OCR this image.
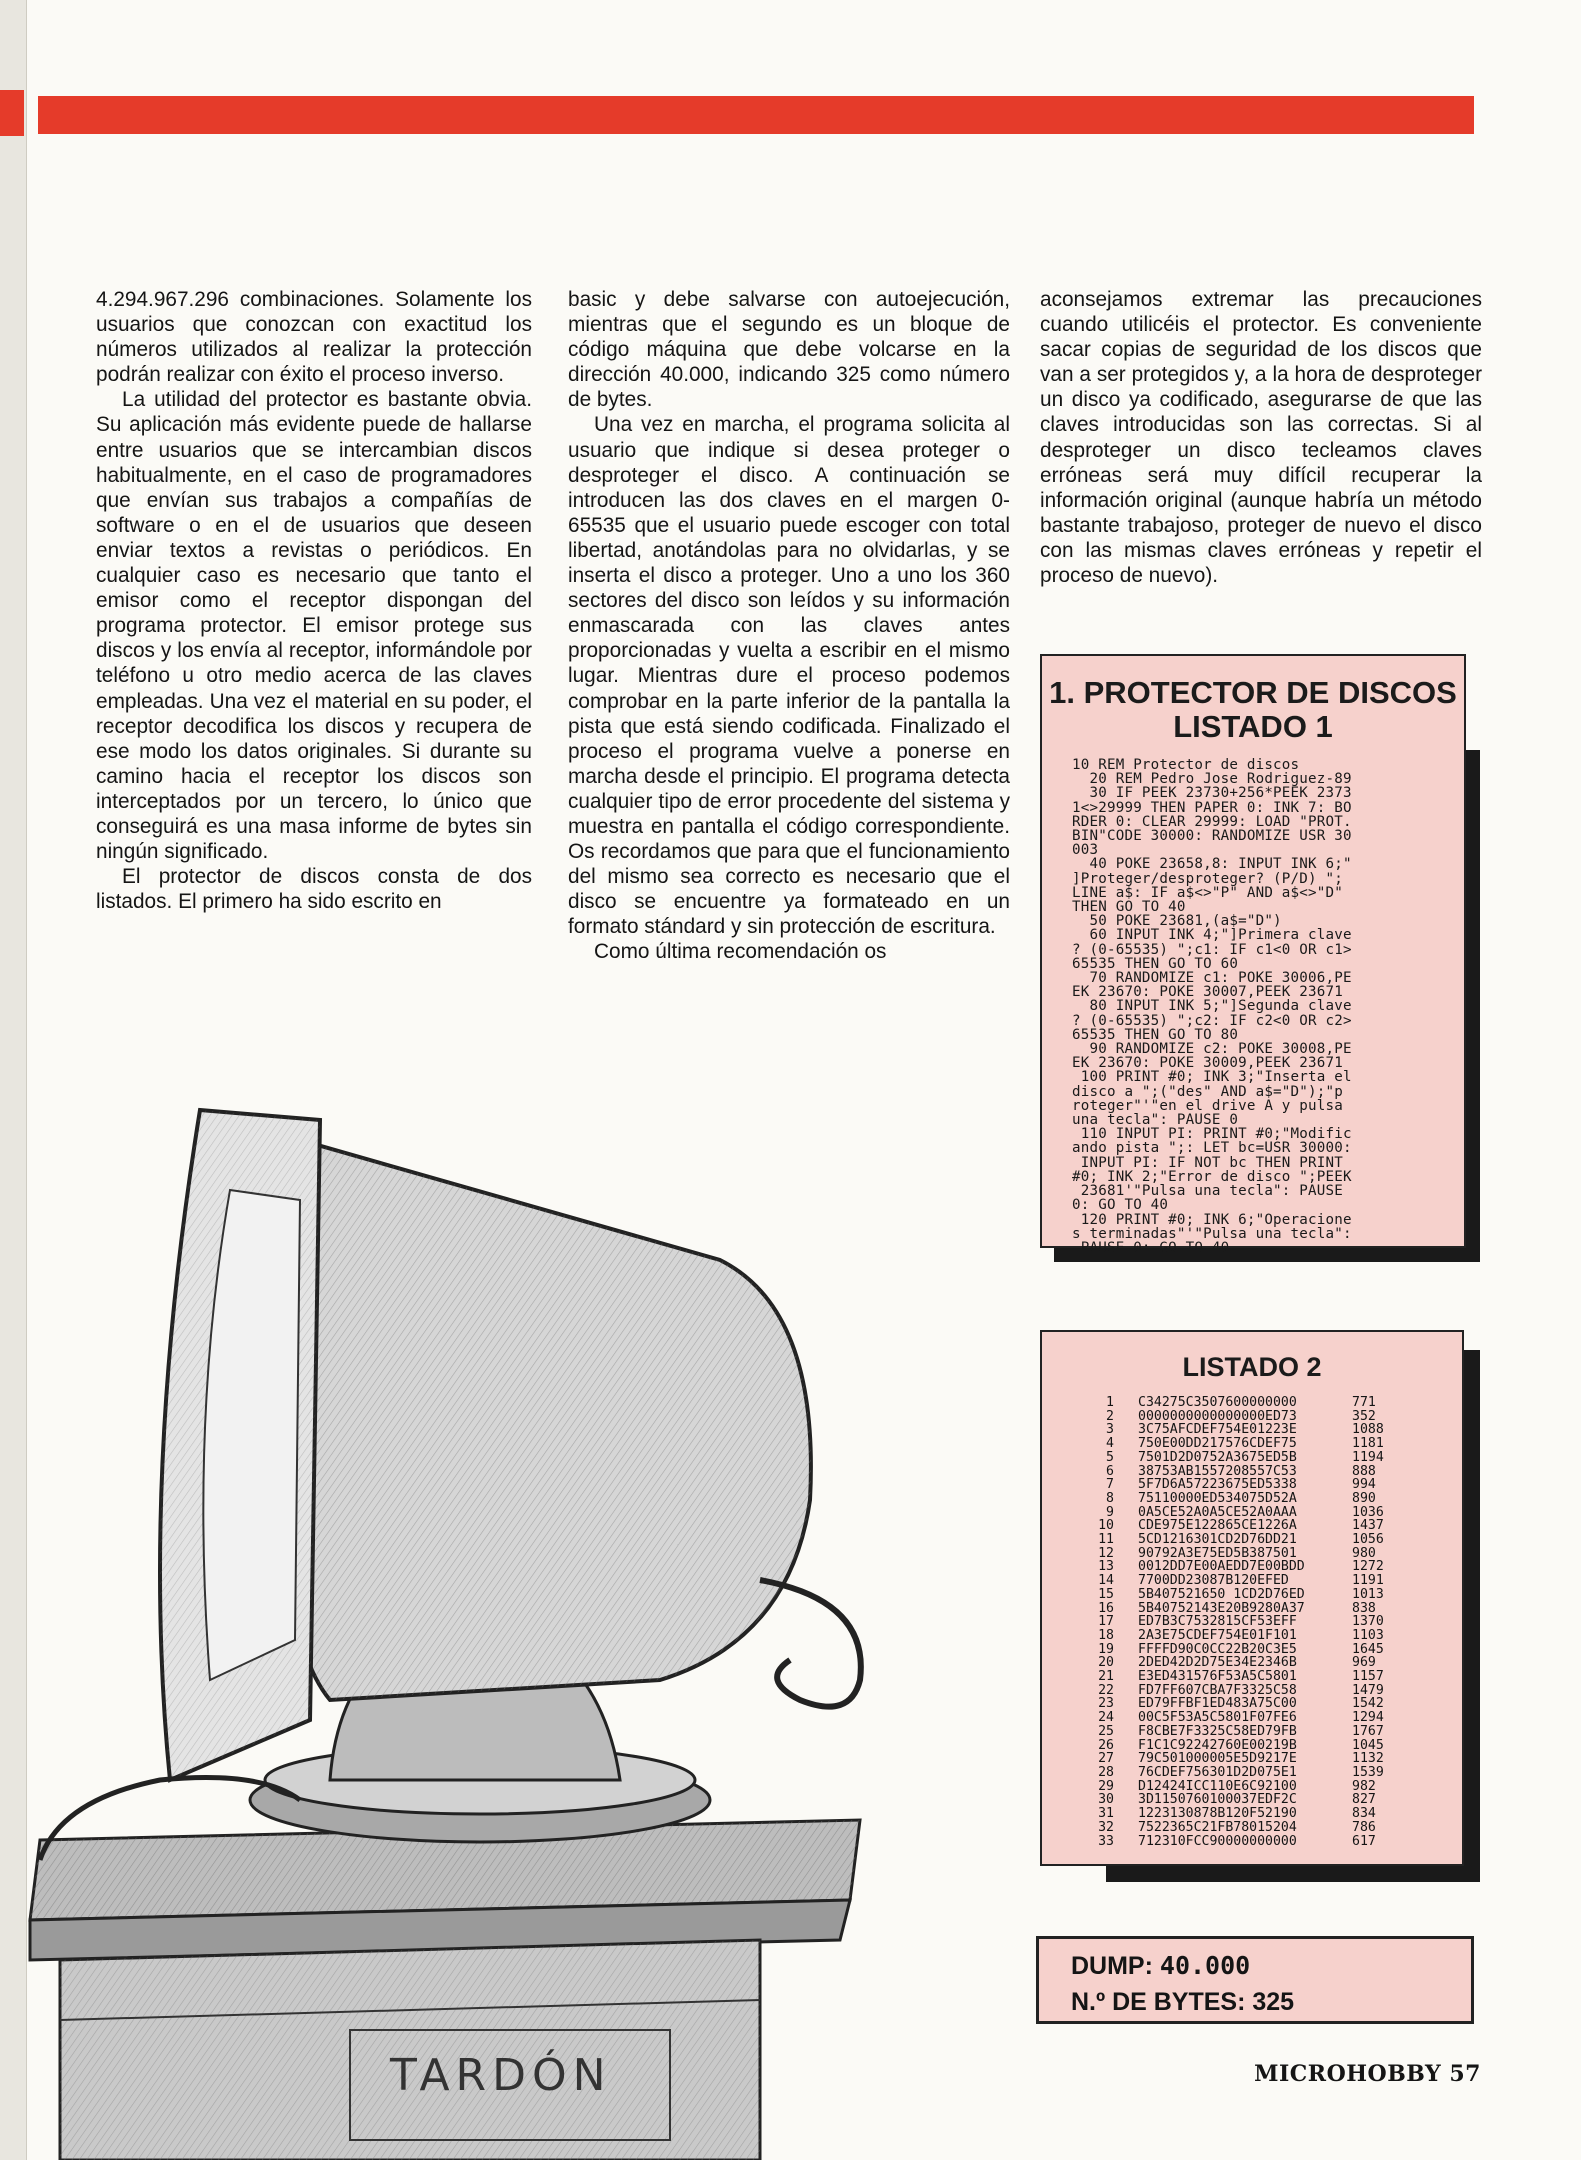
4.294.967.296 combinaciones. Solamente los usuarios que conozcan con exactitud los números utilizados al realizar la protección podrán realizar con éxito el proceso inverso.

La utilidad del protector es bastante obvia. Su aplicación más evidente puede de hallarse entre usuarios que se intercambian discos habitualmente, en el caso de programadores que envían sus trabajos a compañías de software o en el de usuarios que deseen enviar textos a revistas o periódicos. En cualquier caso es necesario que tanto el emisor como el receptor dispongan del programa protector. El emisor protege sus discos y los envía al receptor, informándole por teléfono u otro medio acerca de las claves empleadas. Una vez el material en su poder, el receptor decodifica los discos y recupera de ese modo los datos originales. Si durante su camino hacia el receptor los discos son interceptados por un tercero, lo único que conseguirá es una masa informe de bytes sin ningún significado.

El protector de discos consta de dos listados. El primero ha sido escrito en

basic y debe salvarse con autoejecución, mientras que el segundo es un bloque de código máquina que debe volcarse en la dirección 40.000, indicando 325 como número de bytes.

Una vez en marcha, el programa solicita al usuario que indique si desea proteger o desproteger el disco. A continuación se introducen las dos claves en el margen 0-65535 que el usuario puede escoger con total libertad, anotándolas para no olvidarlas, y se inserta el disco a proteger. Uno a uno los 360 sectores del disco son leídos y su información enmascarada con las claves antes proporcionadas y vuelta a escribir en el mismo lugar. Mientras dure el proceso podemos comprobar en la parte inferior de la pantalla la pista que está siendo codificada. Finalizado el proceso el programa vuelve a ponerse en marcha desde el principio. El programa detecta cualquier tipo de error procedente del sistema y muestra en pantalla el código correspondiente. Os recordamos que para que el funcionamiento del mismo sea correcto es necesario que el disco se encuentre ya formateado en un formato stándard y sin protección de escritura.

Como última recomendación os

aconsejamos extremar las precauciones cuando utilicéis el protector. Es conveniente sacar copias de seguridad de los discos que van a ser protegidos y, a la hora de desproteger un disco ya codificado, asegurarse de que las claves introducidas son las correctas. Si al desproteger un disco tecleamos claves erróneas será muy difícil recuperar la información original (aunque habría un método bastante trabajoso, proteger de nuevo el disco con las mismas claves erróneas y repetir el proceso de nuevo).

1. PROTECTOR DE DISCOS
LISTADO 1
10 REM Protector de discos
20 REM Pedro Jose Rodriguez-89
30 IF PEEK 23730+256*PEEK 2373
1<>29999 THEN PAPER 0: INK 7: BO
RDER 0: CLEAR 29999: LOAD "PROT.
BIN"CODE 30000: RANDOMIZE USR 30
003
40 POKE 23658,8: INPUT INK 6;"
]Proteger/desproteger? (P/D) ";
LINE a$: IF a$<>"P" AND a$<>"D"
THEN GO TO 40
50 POKE 23681,(a$="D")
60 INPUT INK 4;"]Primera clave
? (0-65535) ";c1: IF c1<0 OR c1>
65535 THEN GO TO 60
70 RANDOMIZE c1: POKE 30006,PE
EK 23670: POKE 30007,PEEK 23671
80 INPUT INK 5;"]Segunda clave
? (0-65535) ";c2: IF c2<0 OR c2>
65535 THEN GO TO 80
90 RANDOMIZE c2: POKE 30008,PE
EK 23670: POKE 30009,PEEK 23671
100 PRINT #0; INK 3;"Inserta el
disco a ";("des" AND a$="D");"p
roteger"'"en el drive A y pulsa
una tecla": PAUSE 0
110 INPUT PI: PRINT #0;"Modific
ando pista ";: LET bc=USR 30000:
INPUT PI: IF NOT bc THEN PRINT
#0; INK 2;"Error de disco ";PEEK
23681'"Pulsa una tecla": PAUSE
0: GO TO 40
120 PRINT #0; INK 6;"Operacione
s terminadas"'"Pulsa una tecla":
PAUSE 0: GO TO 40
LISTADO 2
1	C34275C3507600000000	771
2	0000000000000000ED73	352
3	3C75AFCDEF754E01223E	1088
4	750E00DD217576CDEF75	1181
5	7501D2D0752A3675ED5B	1194
6	38753AB1557208557C53	888
7	5F7D6A57223675ED5338	994
8	75110000ED534075D52A	890
9	0A5CE52A0A5CE52A0AAA	1036
10	CDE975E122865CE1226A	1437
11	5CD1216301CD2D76DD21	1056
12	90792A3E75ED5B387501	980
13	0012DD7E00AEDD7E00BDD	1272
14	7700DD23087B120EFED	1191
15	5B407521650 1CD2D76ED	1013
16	5B40752143E20B9280A37	838
17	ED7B3C7532815CF53EFF	1370
18	2A3E75CDEF754E01F101	1103
19	FFFFD90C0CC22B20C3E5	1645
20	2DED42D2D75E34E2346B	969
21	E3ED431576F53A5C5801	1157
22	FD7FF607CBA7F3325C58	1479
23	ED79FFBF1ED483A75C00	1542
24	00C5F53A5C5801F07FE6	1294
25	F8CBE7F3325C58ED79FB	1767
26	F1C1C92242760E00219B	1045
27	79C501000005E5D9217E	1132
28	76CDEF756301D2D075E1	1539
29	D12424ICC110E6C92100	982
30	3D1150760100037EDF2C	827
31	1223130878B120F52190	834
32	7522365C21FB78015204	786
33	712310FCC90000000000	617
DUMP: 40.000
N.º DE BYTES: 325
MICROHOBBY 57
TARDÓN
